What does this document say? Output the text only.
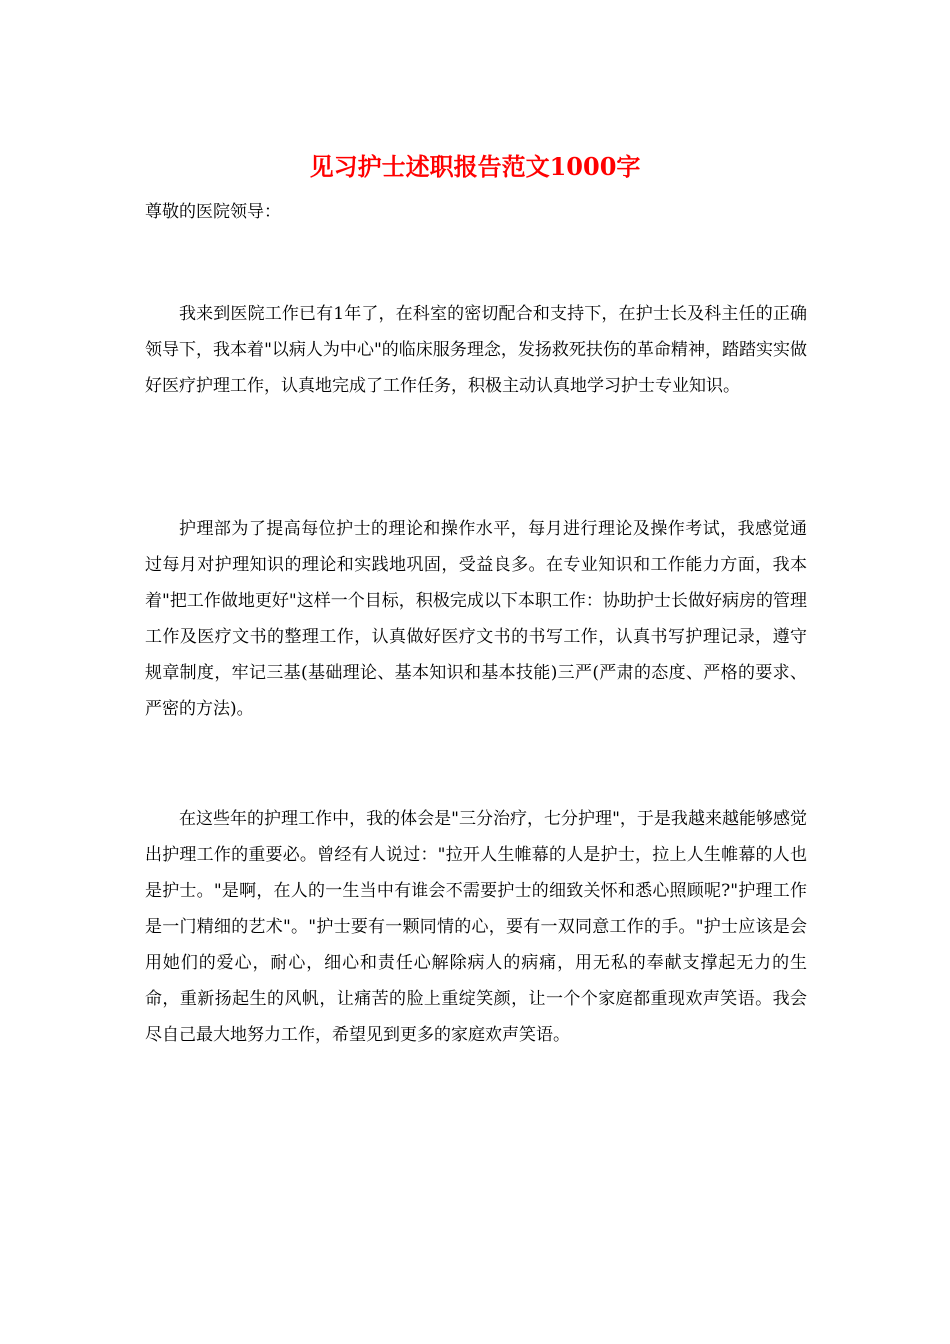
见习护士述职报告范文1000字

尊敬的医院领导：

我来到医院工作已有1年了，在科室的密切配合和支持下，在护士长及科主任的正确领导下，我本着"以病人为中心"的临床服务理念，发扬救死扶伤的革命精神，踏踏实实做好医疗护理工作，认真地完成了工作任务，积极主动认真地学习护士专业知识。

护理部为了提高每位护士的理论和操作水平，每月进行理论及操作考试，我感觉通过每月对护理知识的理论和实践地巩固，受益良多。在专业知识和工作能力方面，我本着"把工作做地更好"这样一个目标，积极完成以下本职工作：协助护士长做好病房的管理工作及医疗文书的整理工作，认真做好医疗文书的书写工作，认真书写护理记录，遵守规章制度，牢记三基(基础理论、基本知识和基本技能)三严(严肃的态度、严格的要求、严密的方法)。

在这些年的护理工作中，我的体会是"三分治疗，七分护理"，于是我越来越能够感觉出护理工作的重要必。曾经有人说过："拉开人生帷幕的人是护士，拉上人生帷幕的人也是护士。"是啊，在人的一生当中有谁会不需要护士的细致关怀和悉心照顾呢?"护理工作是一门精细的艺术"。"护士要有一颗同情的心，要有一双同意工作的手。"护士应该是会用她们的爱心，耐心，细心和责任心解除病人的病痛，用无私的奉献支撑起无力的生命，重新扬起生的风帆，让痛苦的脸上重绽笑颜，让一个个家庭都重现欢声笑语。我会尽自己最大地努力工作，希望见到更多的家庭欢声笑语。
